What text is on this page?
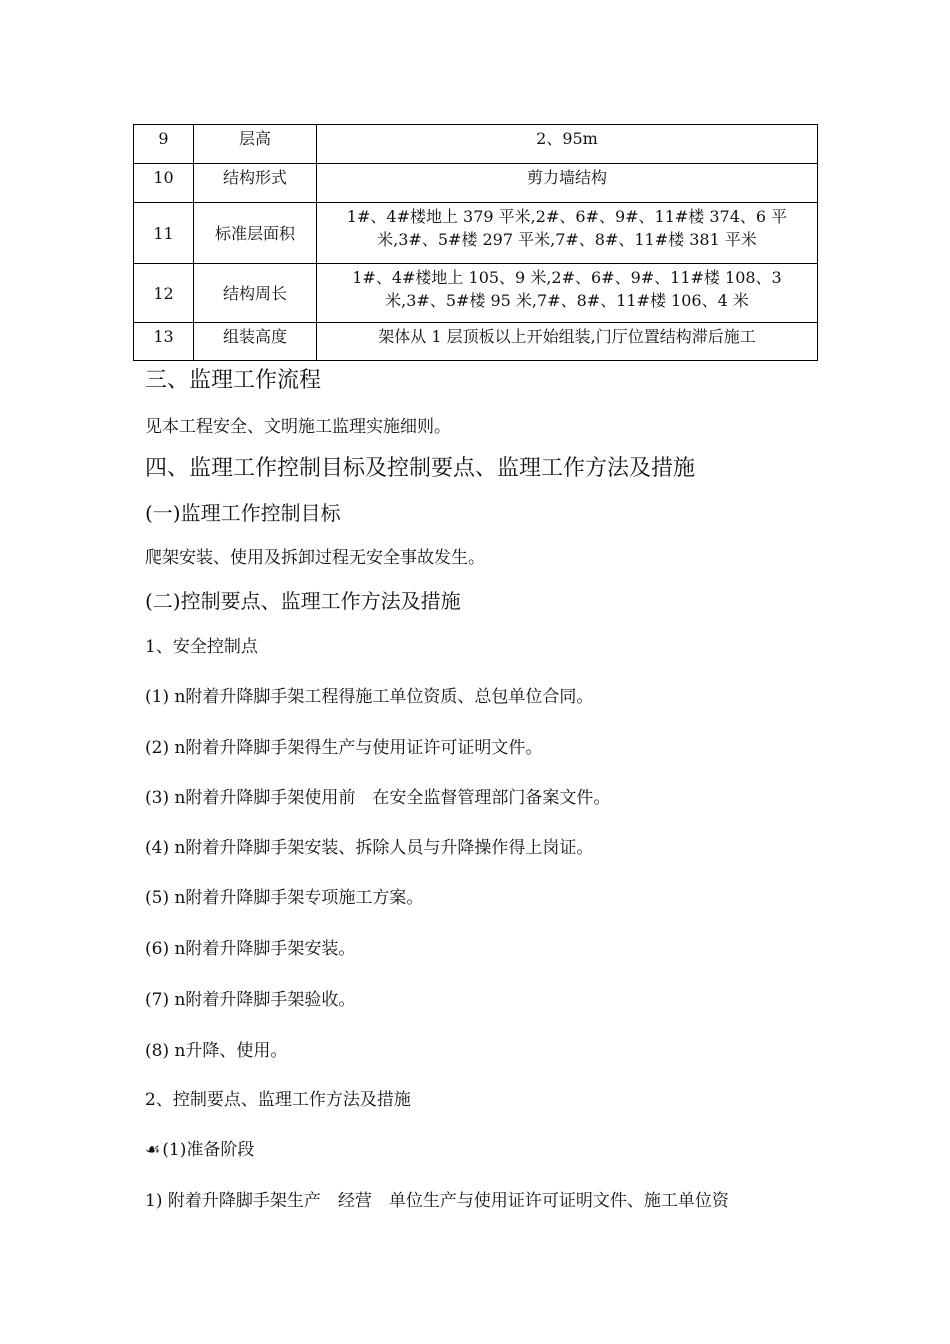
9	层高	2、95m
10	结构形式	剪力墙结构
11	标准层面积	1#、4#楼地上 379 平米,2#、6#、9#、11#楼 374、6 平
米,3#、5#楼 297 平米,7#、8#、11#楼 381 平米

12	结构周长	1#、4#楼地上 105、9 米,2#、6#、9#、11#楼 108、3
米,3#、5#楼 95 米,7#、8#、11#楼 106、4 米

13	组装高度	架体从 1 层顶板以上开始组装,门厅位置结构滞后施工
三、监理工作流程
见本工程安全、文明施工监理实施细则。
四、监理工作控制目标及控制要点、监理工作方法及措施
(一)监理工作控制目标
爬架安装、使用及拆卸过程无安全事故发生。
(二)控制要点、监理工作方法及措施
1、安全控制点
(1) n附着升降脚手架工程得施工单位资质、总包单位合同。
(2) n附着升降脚手架得生产与使用证许可证明文件。
(3) n附着升降脚手架使用前　在安全监督管理部门备案文件。
(4) n附着升降脚手架安装、拆除人员与升降操作得上岗证。
(5) n附着升降脚手架专项施工方案。
(6) n附着升降脚手架安装。
(7) n附着升降脚手架验收。
(8) n升降、使用。
2、控制要点、监理工作方法及措施
☙ (1)准备阶段
1) 附着升降脚手架生产　经营　单位生产与使用证许可证明文件、施工单位资
